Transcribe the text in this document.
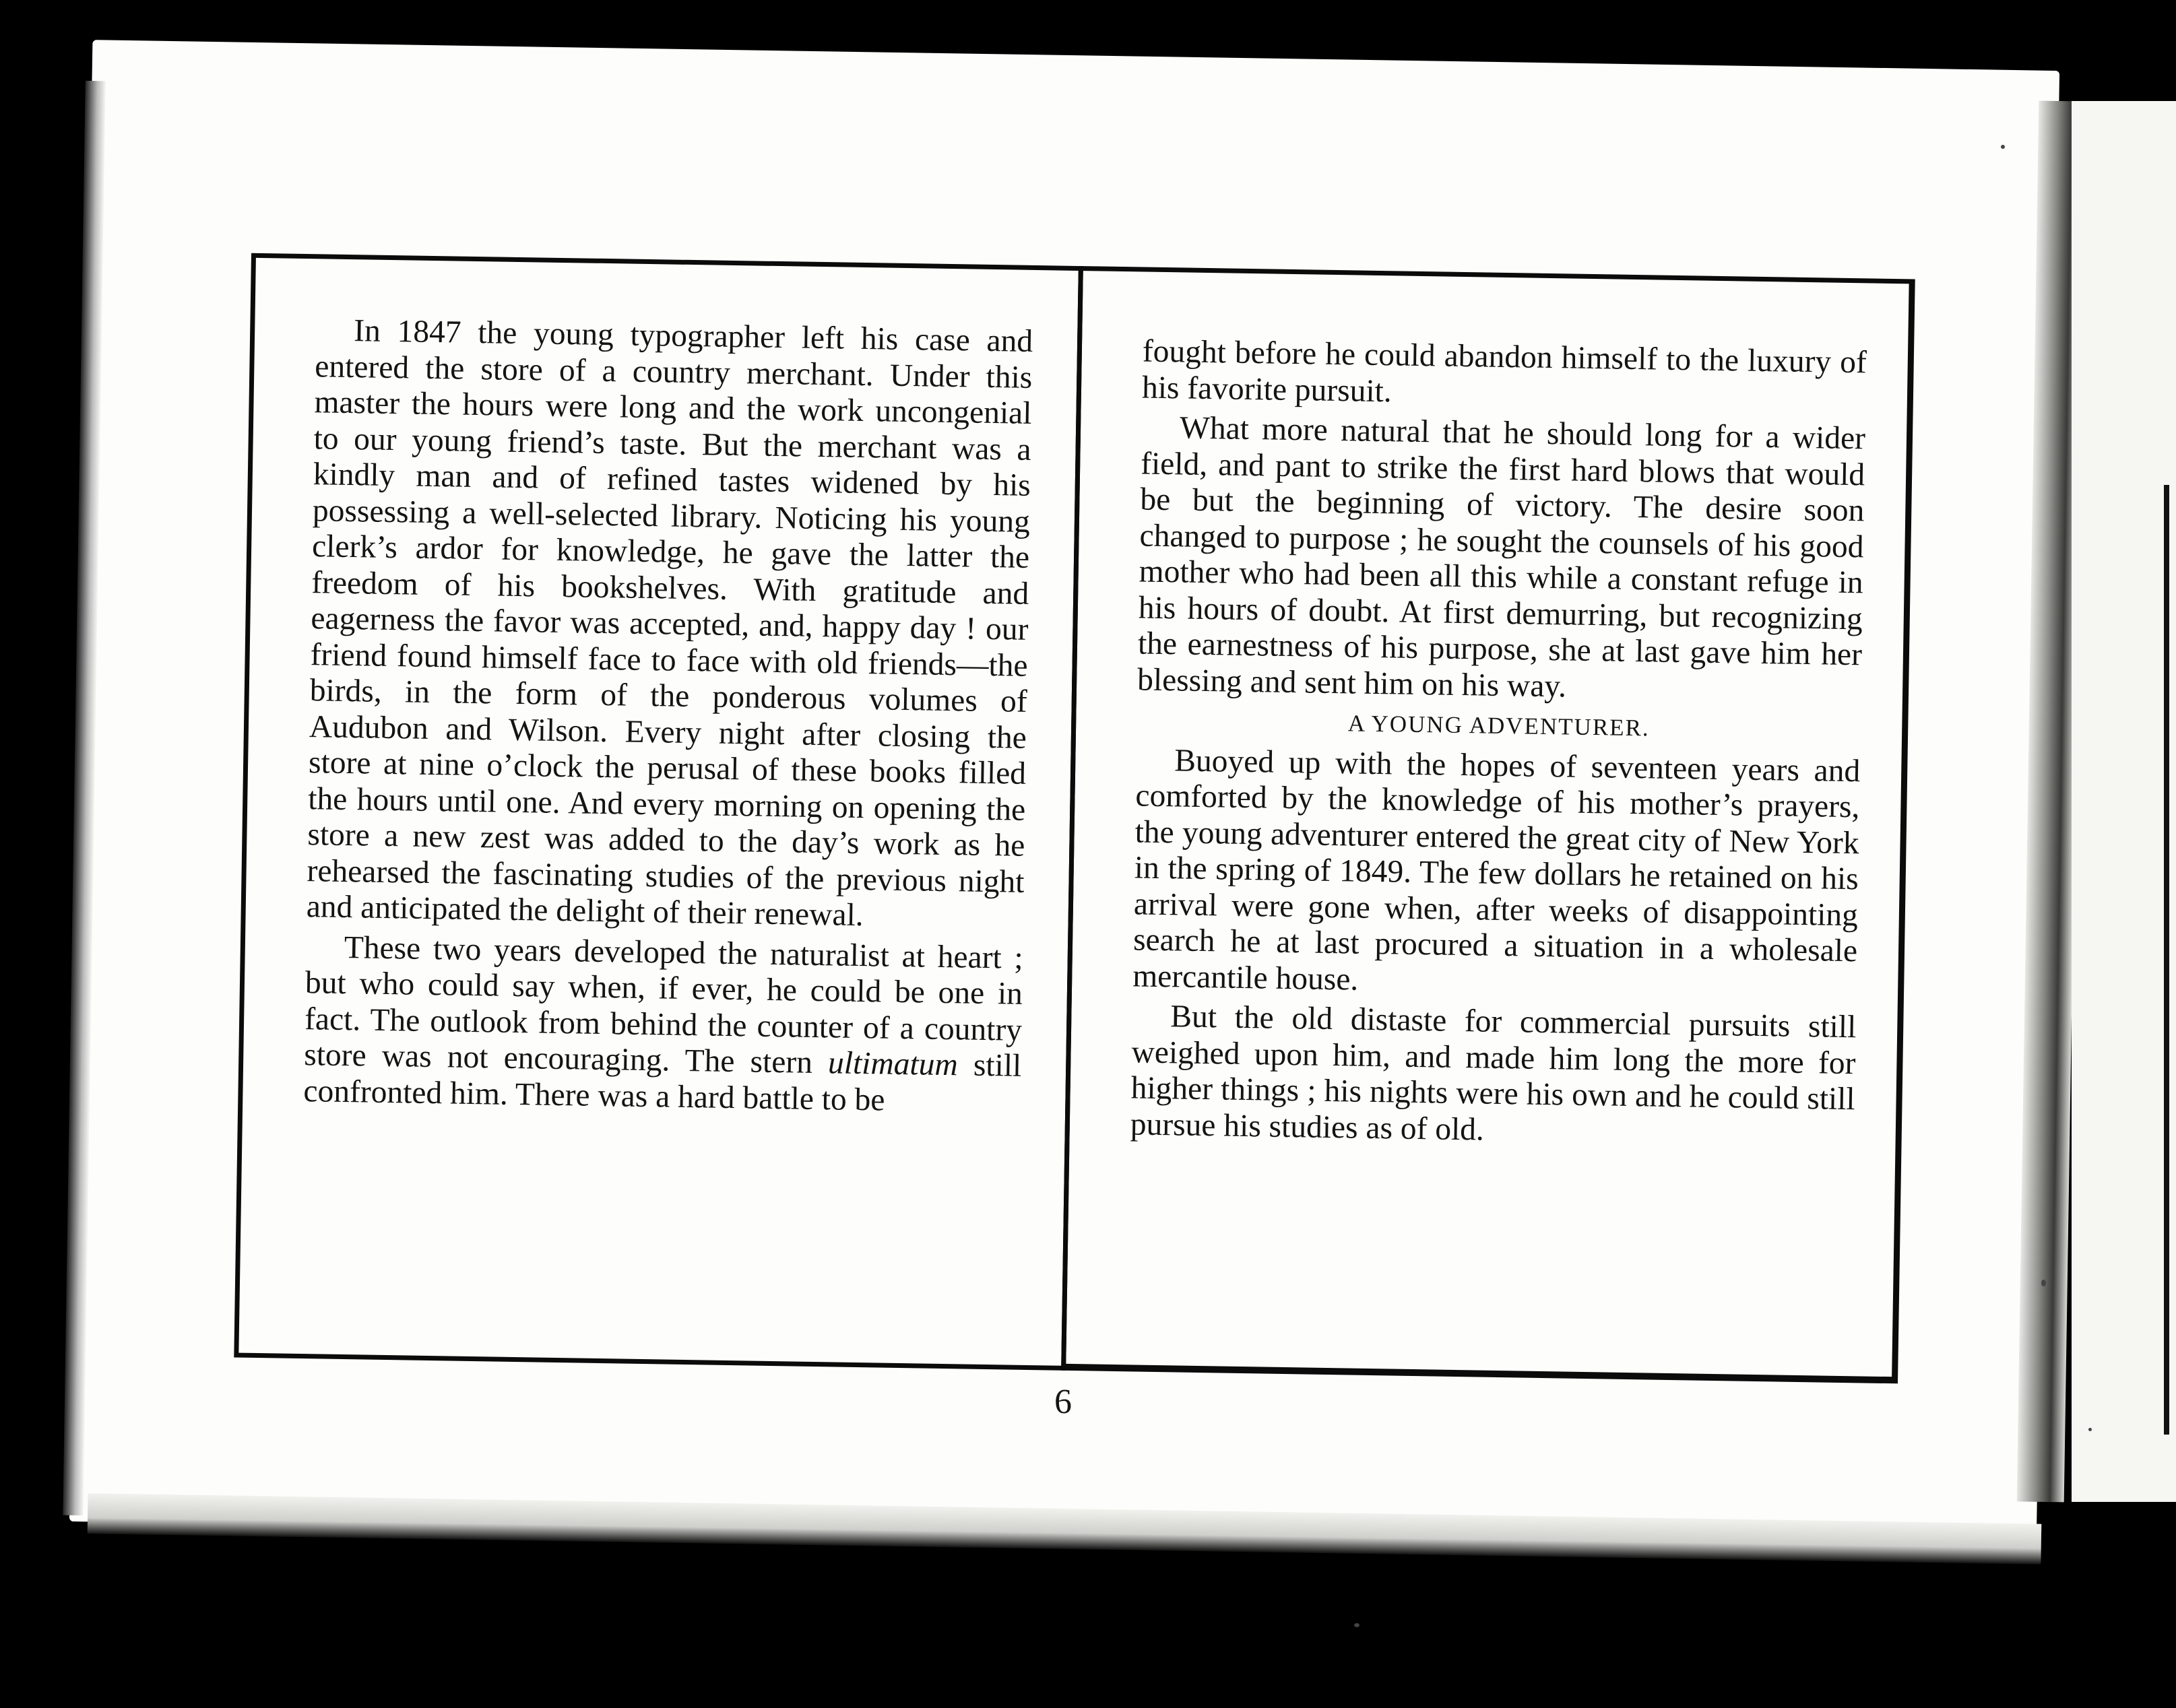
In 1847 the young typographer left his case and entered the store of a country merchant. Under this master the hours were long and the work uncongenial to our young friend’s taste. But the merchant was a kindly man and of refined tastes widened by his possessing a well-selected library. Noticing his young clerk’s ardor for knowledge, he gave the latter the freedom of his bookshelves. With gratitude and eagerness the favor was accepted, and, happy day ! our friend found himself face to face with old friends—the birds, in the form of the ponderous volumes of Audubon and Wilson. Every night after closing the store at nine o’clock the perusal of these books filled the hours until one. And every morning on opening the store a new zest was added to the day’s work as he rehearsed the fascinating studies of the previous night and anticipated the delight of their renewal.

These two years developed the naturalist at heart ; but who could say when, if ever, he could be one in fact. The outlook from behind the counter of a country store was not encouraging. The stern ultimatum still confronted him. There was a hard battle to be

fought before he could abandon himself to the luxury of his favorite pursuit.

What more natural that he should long for a wider field, and pant to strike the first hard blows that would be but the beginning of victory. The desire soon changed to purpose ; he sought the counsels of his good mother who had been all this while a constant refuge in his hours of doubt. At first demurring, but recognizing the earnestness of his purpose, she at last gave him her blessing and sent him on his way.

A YOUNG ADVENTURER.

Buoyed up with the hopes of seventeen years and comforted by the knowledge of his mother’s prayers, the young adventurer entered the great city of New York in the spring of 1849. The few dollars he retained on his arrival were gone when, after weeks of disappointing search he at last procured a situation in a wholesale mercantile house.

But the old distaste for commercial pursuits still weighed upon him, and made him long the more for higher things ; his nights were his own and he could still pursue his studies as of old.

6
